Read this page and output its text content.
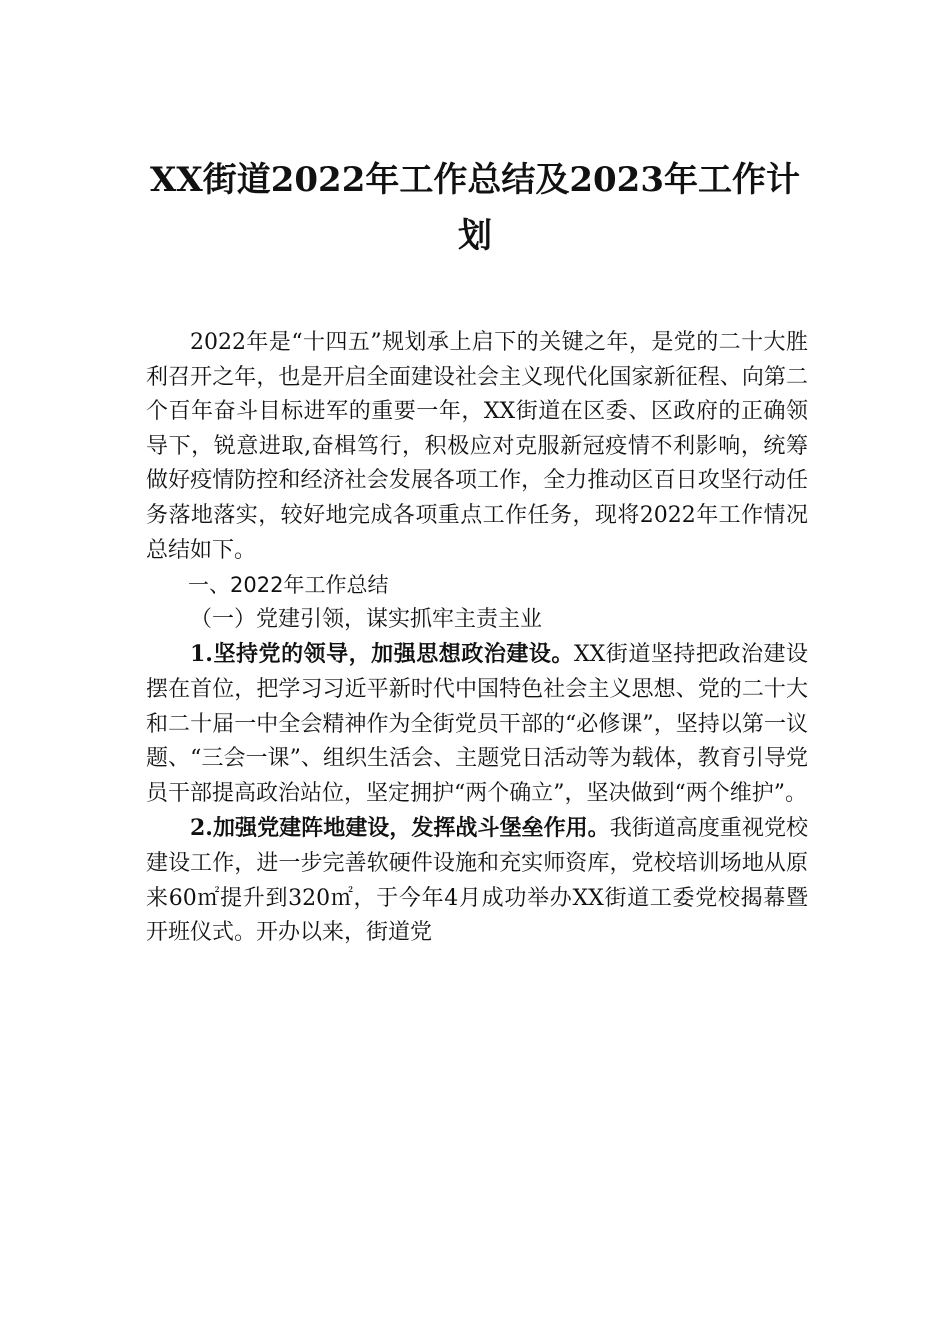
XX街道2022年工作总结及2023年工作计
划

2022年是“十四五”规划承上启下的关键之年，是党的二十大胜利召开之年，也是开启全面建设社会主义现代化国家新征程、向第二个百年奋斗目标进军的重要一年，XX街道在区委、区政府的正确领导下，锐意进取,奋楫笃行，积极应对克服新冠疫情不利影响，统筹做好疫情防控和经济社会发展各项工作，全力推动区百日攻坚行动任务落地落实，较好地完成各项重点工作任务，现将2022年工作情况总结如下。

一、2022年工作总结

（一）党建引领，谋实抓牢主责主业

1.坚持党的领导，加强思想政治建设。XX街道坚持把政治建设摆在首位，把学习习近平新时代中国特色社会主义思想、党的二十大和二十届一中全会精神作为全街党员干部的“必修课”，坚持以第一议题、“三会一课”、组织生活会、主题党日活动等为载体，教育引导党员干部提高政治站位，坚定拥护“两个确立”，坚决做到“两个维护”。

2.加强党建阵地建设，发挥战斗堡垒作用。我街道高度重视党校建设工作，进一步完善软硬件设施和充实师资库，党校培训场地从原来60㎡提升到320㎡，于今年4月成功举办XX街道工委党校揭幕暨开班仪式。开办以来，街道党
